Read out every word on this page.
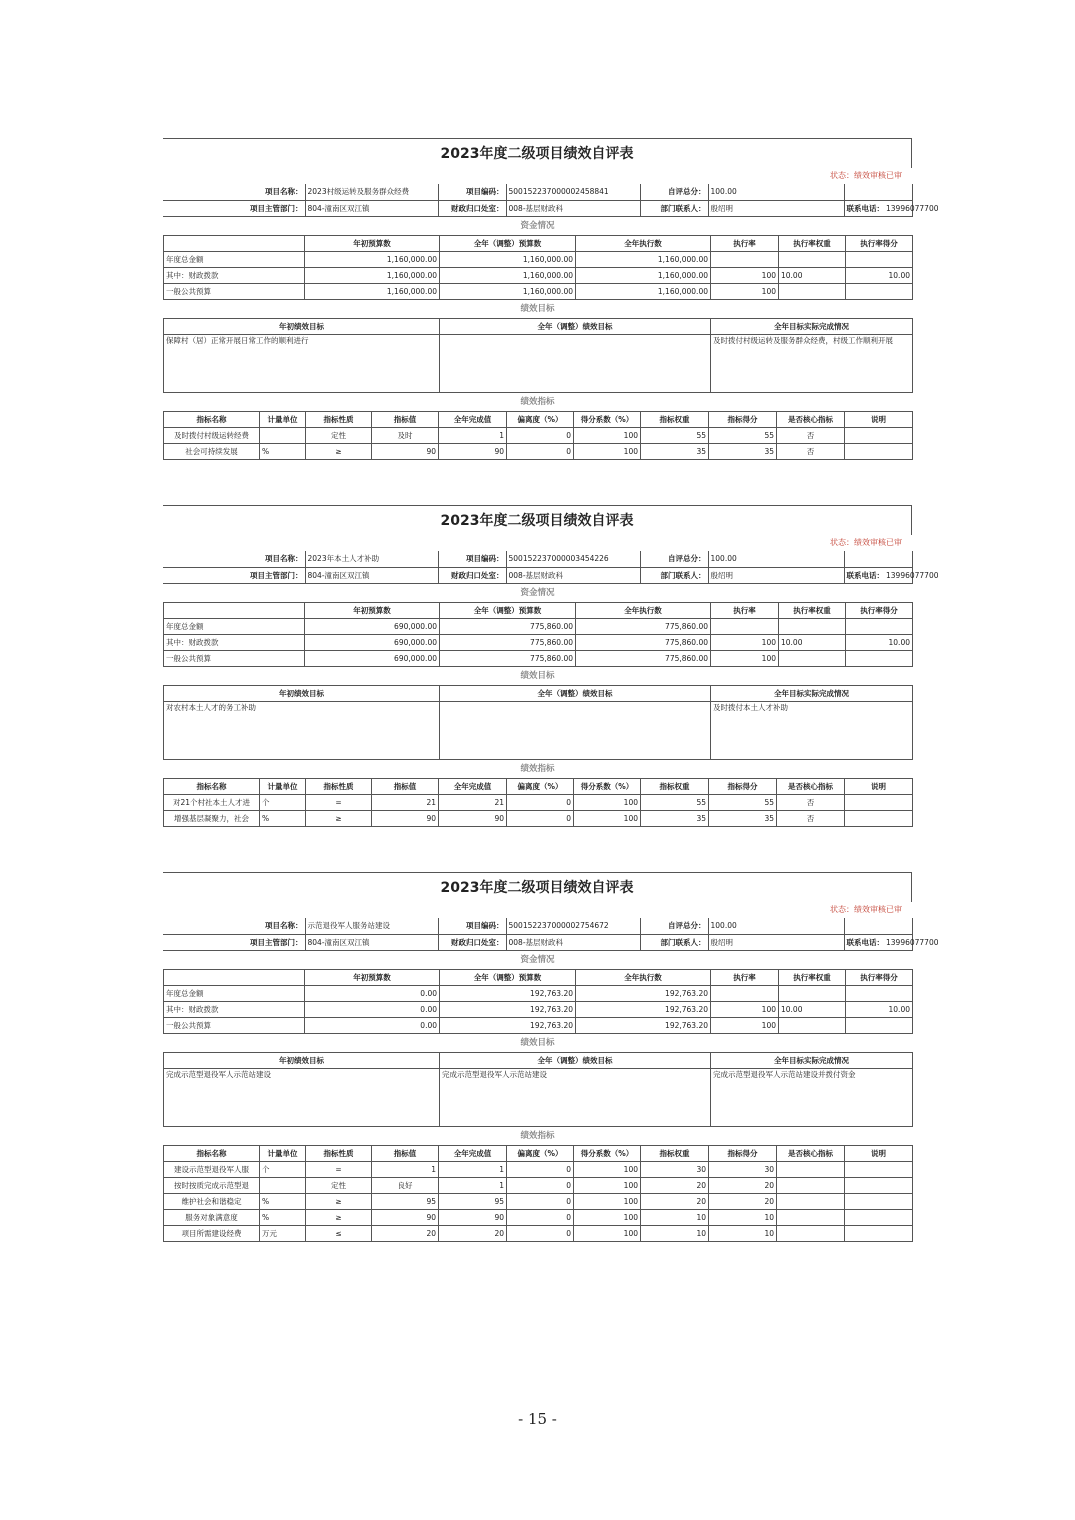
2023年度二级项目绩效自评表
状态：绩效审核已审
项目名称：	2023村级运转及服务群众经费	项目编码：	500152237000002458841	自评总分：	100.00	
项目主管部门：	804-潼南区双江镇	财政归口处室：	008-基层财政科	部门联系人：	殷绍明	联系电话： 13996077700
资金情况
	年初预算数	全年（调整）预算数	全年执行数	执行率	执行率权重	执行率得分
年度总金额	1,160,000.00	1,160,000.00	1,160,000.00			
其中：财政拨款	1,160,000.00	1,160,000.00	1,160,000.00	100	10.00	10.00
一般公共预算	1,160,000.00	1,160,000.00	1,160,000.00	100		
绩效目标
年初绩效目标	全年（调整）绩效目标	全年目标实际完成情况
保障村（居）正常开展日常工作的顺利进行		及时拨付村级运转及服务群众经费，村级工作顺利开展
绩效指标
指标名称	计量单位	指标性质	指标值	全年完成值	偏离度（%）	得分系数（%）	指标权重	指标得分	是否核心指标	说明
及时拨付村级运转经费		定性	及时	1	0	100	55	55	否	
社会可持续发展	%	≥	90	90	0	100	35	35	否	
2023年度二级项目绩效自评表
状态：绩效审核已审
项目名称：	2023年本土人才补助	项目编码：	500152237000003454226	自评总分：	100.00	
项目主管部门：	804-潼南区双江镇	财政归口处室：	008-基层财政科	部门联系人：	殷绍明	联系电话： 13996077700
资金情况
	年初预算数	全年（调整）预算数	全年执行数	执行率	执行率权重	执行率得分
年度总金额	690,000.00	775,860.00	775,860.00			
其中：财政拨款	690,000.00	775,860.00	775,860.00	100	10.00	10.00
一般公共预算	690,000.00	775,860.00	775,860.00	100		
绩效目标
年初绩效目标	全年（调整）绩效目标	全年目标实际完成情况
对农村本土人才的务工补助		及时拨付本土人才补助
绩效指标
指标名称	计量单位	指标性质	指标值	全年完成值	偏离度（%）	得分系数（%）	指标权重	指标得分	是否核心指标	说明
对21个村社本土人才进	个	=	21	21	0	100	55	55	否	
增强基层凝聚力，社会	%	≥	90	90	0	100	35	35	否	
2023年度二级项目绩效自评表
状态：绩效审核已审
项目名称：	示范退役军人服务站建设	项目编码：	500152237000002754672	自评总分：	100.00	
项目主管部门：	804-潼南区双江镇	财政归口处室：	008-基层财政科	部门联系人：	殷绍明	联系电话： 13996077700
资金情况
	年初预算数	全年（调整）预算数	全年执行数	执行率	执行率权重	执行率得分
年度总金额	0.00	192,763.20	192,763.20			
其中：财政拨款	0.00	192,763.20	192,763.20	100	10.00	10.00
一般公共预算	0.00	192,763.20	192,763.20	100		
绩效目标
年初绩效目标	全年（调整）绩效目标	全年目标实际完成情况
完成示范型退役军人示范站建设	完成示范型退役军人示范站建设	完成示范型退役军人示范站建设并拨付资金
绩效指标
指标名称	计量单位	指标性质	指标值	全年完成值	偏离度（%）	得分系数（%）	指标权重	指标得分	是否核心指标	说明
建设示范型退役军人服	个	=	1	1	0	100	30	30		
按时按质完成示范型退		定性	良好	1	0	100	20	20		
维护社会和谐稳定	%	≥	95	95	0	100	20	20		
服务对象满意度	%	≥	90	90	0	100	10	10		
项目所需建设经费	万元	≤	20	20	0	100	10	10		
- 15 -
